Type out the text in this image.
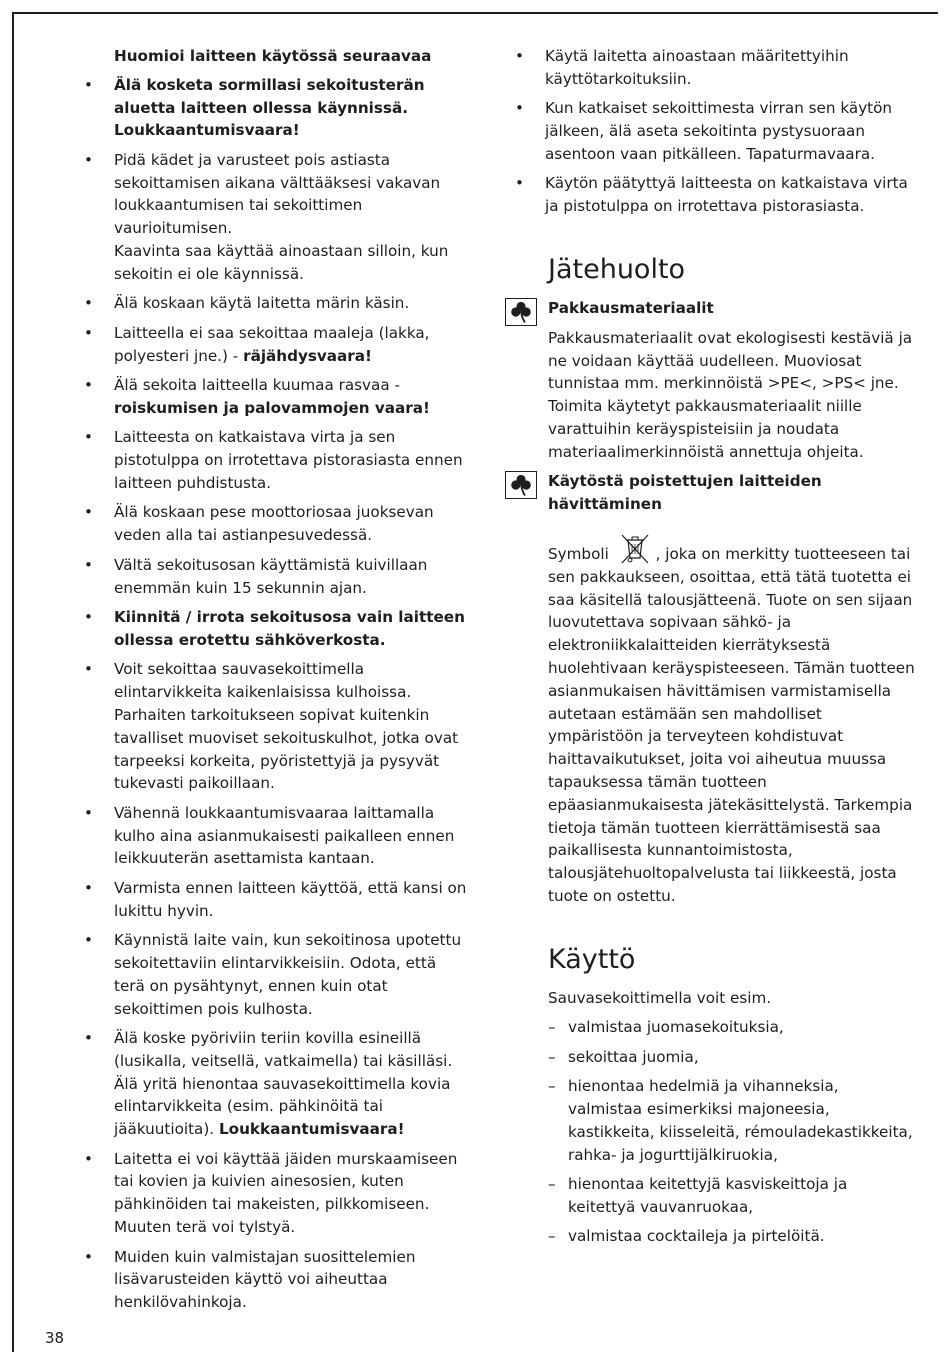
Huomioi laitteen käytössä seuraavaa
•	Älä kosketa sormillasi sekoitusterän aluetta laitteen ollessa käynnissä. Loukkaantumisvaara!
•	Pidä kädet ja varusteet pois astiasta sekoittamisen aikana välttääksesi vakavan loukkaantumisen tai sekoittimen vaurioitumisen.
Kaavinta saa käyttää ainoastaan silloin, kun sekoitin ei ole käynnissä.
•	Älä koskaan käytä laitetta märin käsin.
•	Laitteella ei saa sekoittaa maaleja (lakka, polyesteri jne.) - räjähdysvaara!
•	Älä sekoita laitteella kuumaa rasvaa - roiskumisen ja palovammojen vaara!
•	Laitteesta on katkaistava virta ja sen pistotulppa on irrotettava pistorasiasta ennen laitteen puhdistusta.
•	Älä koskaan pese moottoriosaa juoksevan veden alla tai astianpesuvedessä.
•	Vältä sekoitusosan käyttämistä kuivillaan enemmän kuin 15 sekunnin ajan.
•	Kiinnitä / irrota sekoitusosa vain laitteen ollessa erotettu sähköverkosta.
•	Voit sekoittaa sauvasekoittimella elintarvikkeita kaikenlaisissa kulhoissa. Parhaiten tarkoitukseen sopivat kuitenkin tavalliset muoviset sekoituskulhot, jotka ovat tarpeeksi korkeita, pyöristettyjä ja pysyvät tukevasti paikoillaan.
•	Vähennä loukkaantumisvaaraa laittamalla kulho aina asianmukaisesti paikalleen ennen leikkuuterän asettamista kantaan.
•	Varmista ennen laitteen käyttöä, että kansi on lukittu hyvin.
•	Käynnistä laite vain, kun sekoitinosa upotettu sekoitettaviin elintarvikkeisiin. Odota, että terä on pysähtynyt, ennen kuin otat sekoittimen pois kulhosta.
•	Älä koske pyöriviin teriin kovilla esineillä (lusikalla, veitsellä, vatkaimella) tai käsilläsi. Älä yritä hienontaa sauvasekoittimella kovia elintarvikkeita (esim. pähkinöitä tai jääkuutioita). Loukkaantumisvaara!
•	Laitetta ei voi käyttää jäiden murskaamiseen tai kovien ja kuivien ainesosien, kuten pähkinöiden tai makeisten, pilkkomiseen. Muuten terä voi tylstyä.
•	Muiden kuin valmistajan suosittelemien lisävarusteiden käyttö voi aiheuttaa henkilövahinkoja.
•	Käytä laitetta ainoastaan määritettyihin käyttötarkoituksiin.
•	Kun katkaiset sekoittimesta virran sen käytön jälkeen, älä aseta sekoitinta pystysuoraan asentoon vaan pitkälleen. Tapaturmavaara.
•	Käytön päätyttyä laitteesta on katkaistava virta ja pistotulppa on irrotettava pistorasiasta.
Jätehuolto
Pakkausmateriaalit
Pakkausmateriaalit ovat ekologisesti kestäviä ja ne voidaan käyttää uudelleen. Muoviosat tunnistaa mm. merkinnöistä >PE<, >PS< jne. Toimita käytetyt pakkausmateriaalit niille varattuihin keräyspisteisiin ja noudata materiaalimerkinnöistä annettuja ohjeita.
Käytöstä poistettujen laitteiden hävittäminen
Symboli	, joka on merkitty tuotteeseen tai sen pakkaukseen, osoittaa, että tätä tuotetta ei saa käsitellä talousjätteenä. Tuote on sen sijaan luovutettava sopivaan sähkö- ja elektroniikkalaitteiden kierrätyksestä huolehtivaan keräyspisteeseen. Tämän tuotteen asianmukaisen hävittämisen varmistamisella autetaan estämään sen mahdolliset ympäristöön ja terveyteen kohdistuvat haittavaikutukset, joita voi aiheutua muussa tapauksessa tämän tuotteen epäasianmukaisesta jätekäsittelystä. Tarkempia tietoja tämän tuotteen kierrättämisestä saa paikallisesta kunnantoimistosta, talousjätehuoltopalvelusta tai liikkeestä, josta tuote on ostettu.
Käyttö
Sauvasekoittimella voit esim.
– valmistaa juomasekoituksia,
– sekoittaa juomia,
– hienontaa hedelmiä ja vihanneksia, valmistaa esimerkiksi majoneesia, kastikkeita, kiisseleitä, rémouladekastikkeita, rahka- ja jogurttijälkiruokia,
– hienontaa keitettyjä kasviskeittoja ja keitettyä vauvanruokaa,
– valmistaa cocktaileja ja pirtelöitä.
38
